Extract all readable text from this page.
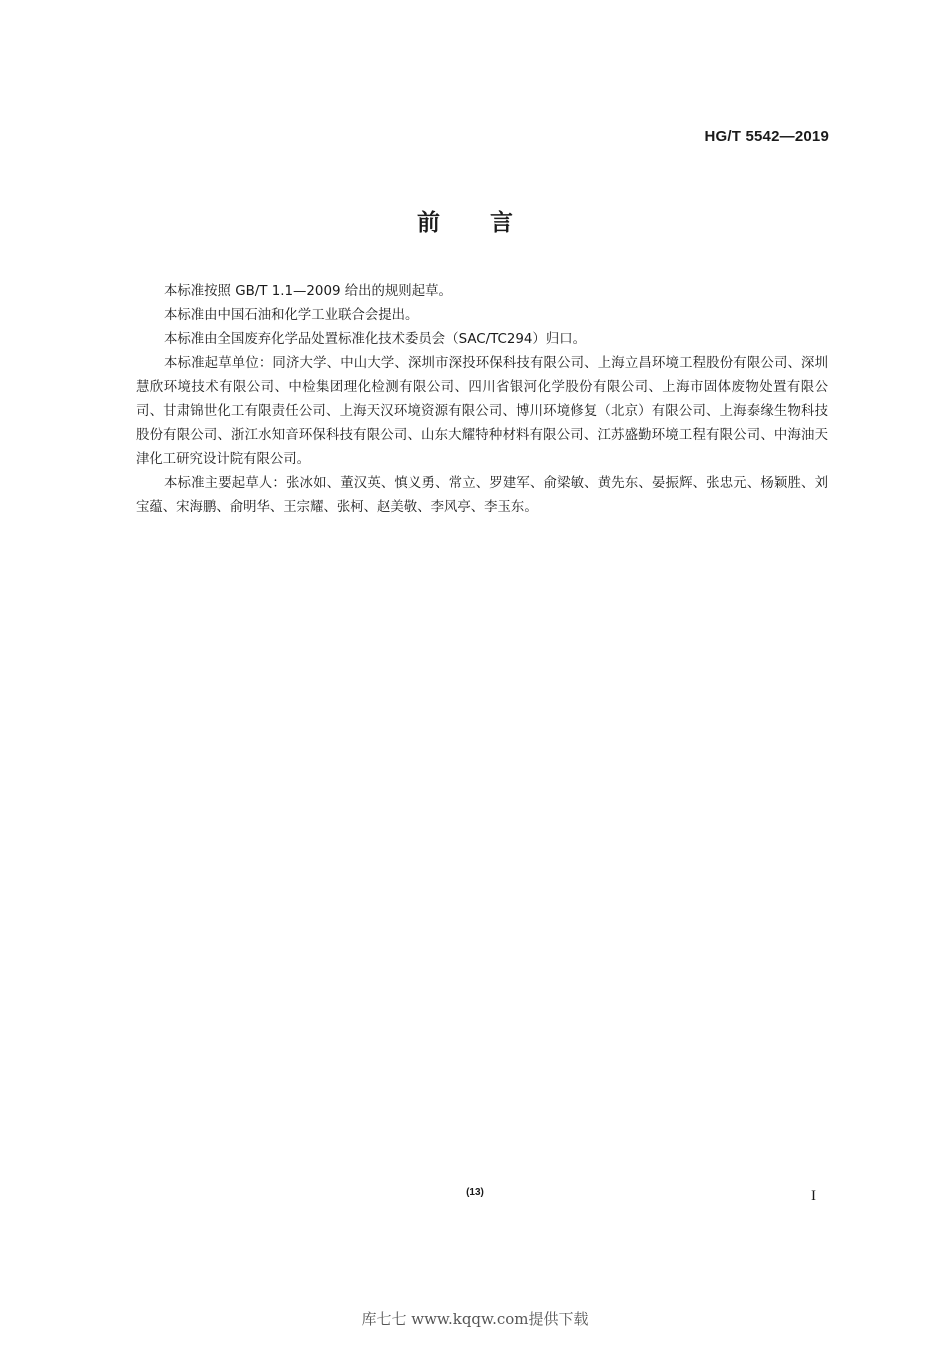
HG/T 5542—2019
前言

本标准按照 GB/T 1.1—2009 给出的规则起草。

本标准由中国石油和化学工业联合会提出。

本标准由全国废弃化学品处置标准化技术委员会（SAC/TC294）归口。

本标准起草单位：同济大学、中山大学、深圳市深投环保科技有限公司、上海立昌环境工程股份有限公司、深圳慧欣环境技术有限公司、中检集团理化检测有限公司、四川省银河化学股份有限公司、上海市固体废物处置有限公司、甘肃锦世化工有限责任公司、上海天汉环境资源有限公司、博川环境修复（北京）有限公司、上海泰缘生物科技股份有限公司、浙江水知音环保科技有限公司、山东大耀特种材料有限公司、江苏盛勤环境工程有限公司、中海油天津化工研究设计院有限公司。

本标准主要起草人：张冰如、董汉英、慎义勇、常立、罗建军、俞梁敏、黄先东、晏振辉、张忠元、杨颖胜、刘宝蕴、宋海鹏、俞明华、王宗耀、张柯、赵美敬、李风亭、李玉东。

(13)	I
库七七 www.kqqw.com提供下载
